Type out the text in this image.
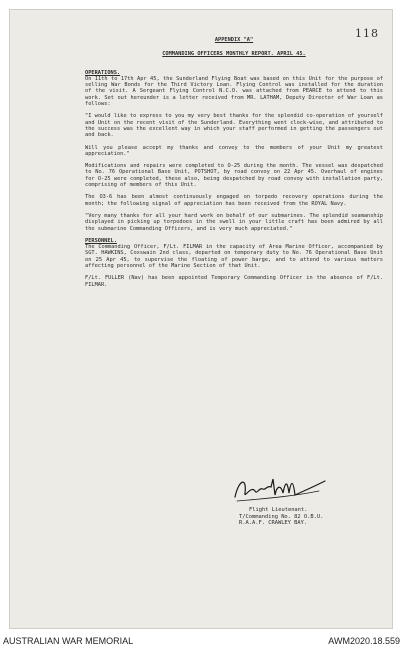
118
APPENDIX "A"
COMMANDING OFFICERS MONTHLY REPORT. APRIL 45.
OPERATIONS.

On 11th to 17th Apr 45, the Sunderland Flying Boat was based on this Unit for the purpose of selling War Bonds for the Third Victory Loan. Flying Control was installed for the duration of the visit. A Sergeant Flying Control N.C.O. was attached from PEARCE to attend to this work. Set out hereunder is a letter received from MR. LATHAM, Deputy Director of War Loan as follows:

"I would like to express to you my very best thanks for the splendid co-operation of yourself and Unit on the recent visit of the Sunderland. Everything went clock-wise, and attributed to the success was the excellent way in which your staff performed in getting the passengers out and back.

Will you please accept my thanks and convey to the members of your Unit my greatest appreciation."

Modifications and repairs were completed to O-25 during the month. The vessel was despatched to No. 76 Operational Base Unit, POTSHOT, by road convoy on 22 Apr 45. Overhaul of engines for O-25 were completed, these also, being despatched by road convoy with installation party, comprising of members of this Unit.

The O3-6 has been almost continuously engaged on torpedo recovery operations during the month; the following signal of appreciation has been received from the ROYAL Navy.

"Very many thanks for all your hard work on behalf of our submarines. The splendid seamanship displayed in picking up torpedoes in the swell in your little craft has been admired by all the submarine Commanding Officers, and is very much appreciated."

PERSONNEL.

The Commanding Officer, F/Lt. FILMAR in the capacity of Area Marine Officer, accompanied by SGT. HAWKINS, Coxswain 2nd class, departed on temporary duty to No. 76 Operational Base Unit on 25 Apr 45, to supervise the floating of power barge, and to attend to various matters affecting personnel of the Marine Section of that Unit.

F/Lt. FULLER (Nav) has been appointed Temporary Commanding Officer in the absence of F/Lt. FILMAR.

Flight Lieutenant.
T/Commanding No. 82 O.B.U.
R.A.A.F. CRAWLEY BAY.
AUSTRALIAN WAR MEMORIAL	AWM2020.18.559
